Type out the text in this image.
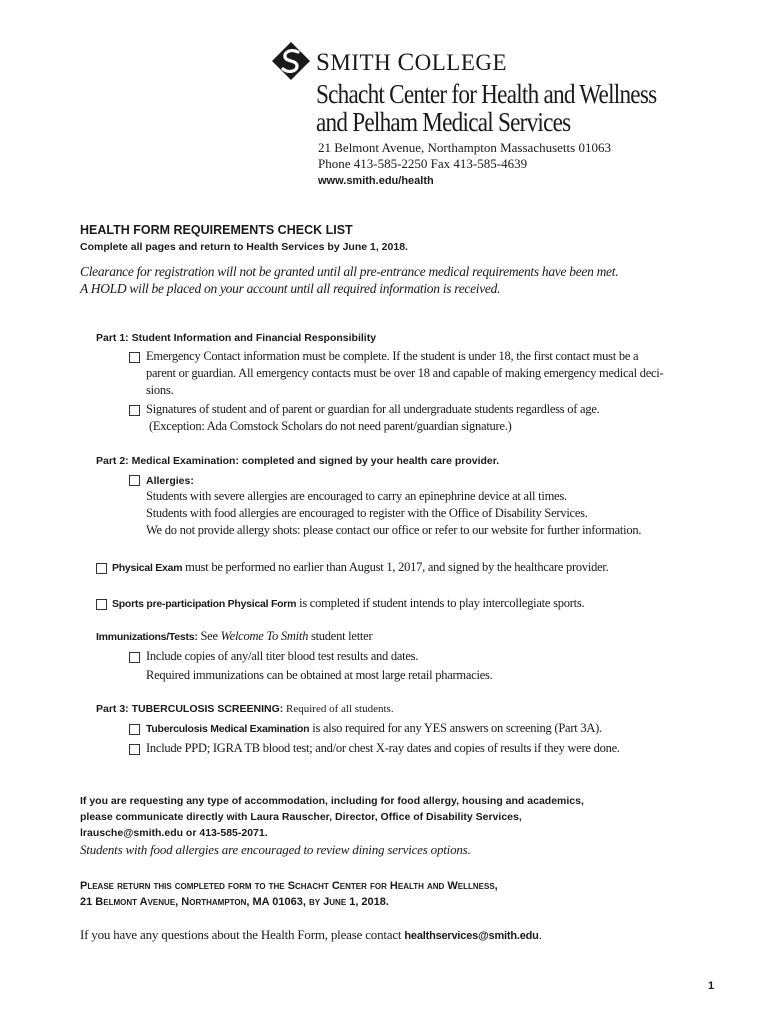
SMITH COLLEGE
Schacht Center for Health and Wellness
and Pelham Medical Services
21 Belmont Avenue, Northampton Massachusetts 01063
Phone 413-585-2250 Fax 413-585-4639
www.smith.edu/health
HEALTH FORM REQUIREMENTS CHECK LIST
Complete all pages and return to Health Services by June 1, 2018.
Clearance for registration will not be granted until all pre-entrance medical requirements have been met.
A HOLD will be placed on your account until all required information is received.
Part 1: Student Information and Financial Responsibility
Emergency Contact information must be complete. If the student is under 18, the first contact must be a
parent or guardian. All emergency contacts must be over 18 and capable of making emergency medical deci-
sions.
Signatures of student and of parent or guardian for all undergraduate students regardless of age.
(Exception: Ada Comstock Scholars do not need parent/guardian signature.)
Part 2: Medical Examination: completed and signed by your health care provider.
Allergies:
Students with severe allergies are encouraged to carry an epinephrine device at all times.
Students with food allergies are encouraged to register with the Office of Disability Services.
We do not provide allergy shots: please contact our office or refer to our website for further information.
Physical Exam must be performed no earlier than August 1, 2017, and signed by the healthcare provider.
Sports pre-participation Physical Form is completed if student intends to play intercollegiate sports.
Immunizations/Tests: See Welcome To Smith student letter
Include copies of any/all titer blood test results and dates.
Required immunizations can be obtained at most large retail pharmacies.
Part 3: TUBERCULOSIS SCREENING: Required of all students.
Tuberculosis Medical Examination is also required for any YES answers on screening (Part 3A).
Include PPD; IGRA TB blood test; and/or chest X-ray dates and copies of results if they were done.
If you are requesting any type of accommodation, including for food allergy, housing and academics,
please communicate directly with Laura Rauscher, Director, Office of Disability Services,
lrausche@smith.edu or 413-585-2071.
Students with food allergies are encouraged to review dining services options.
Please return this completed form to the Schacht Center for Health and Wellness,
21 Belmont Avenue, Northampton, MA 01063, by June 1, 2018.
If you have any questions about the Health Form, please contact healthservices@smith.edu.
1
